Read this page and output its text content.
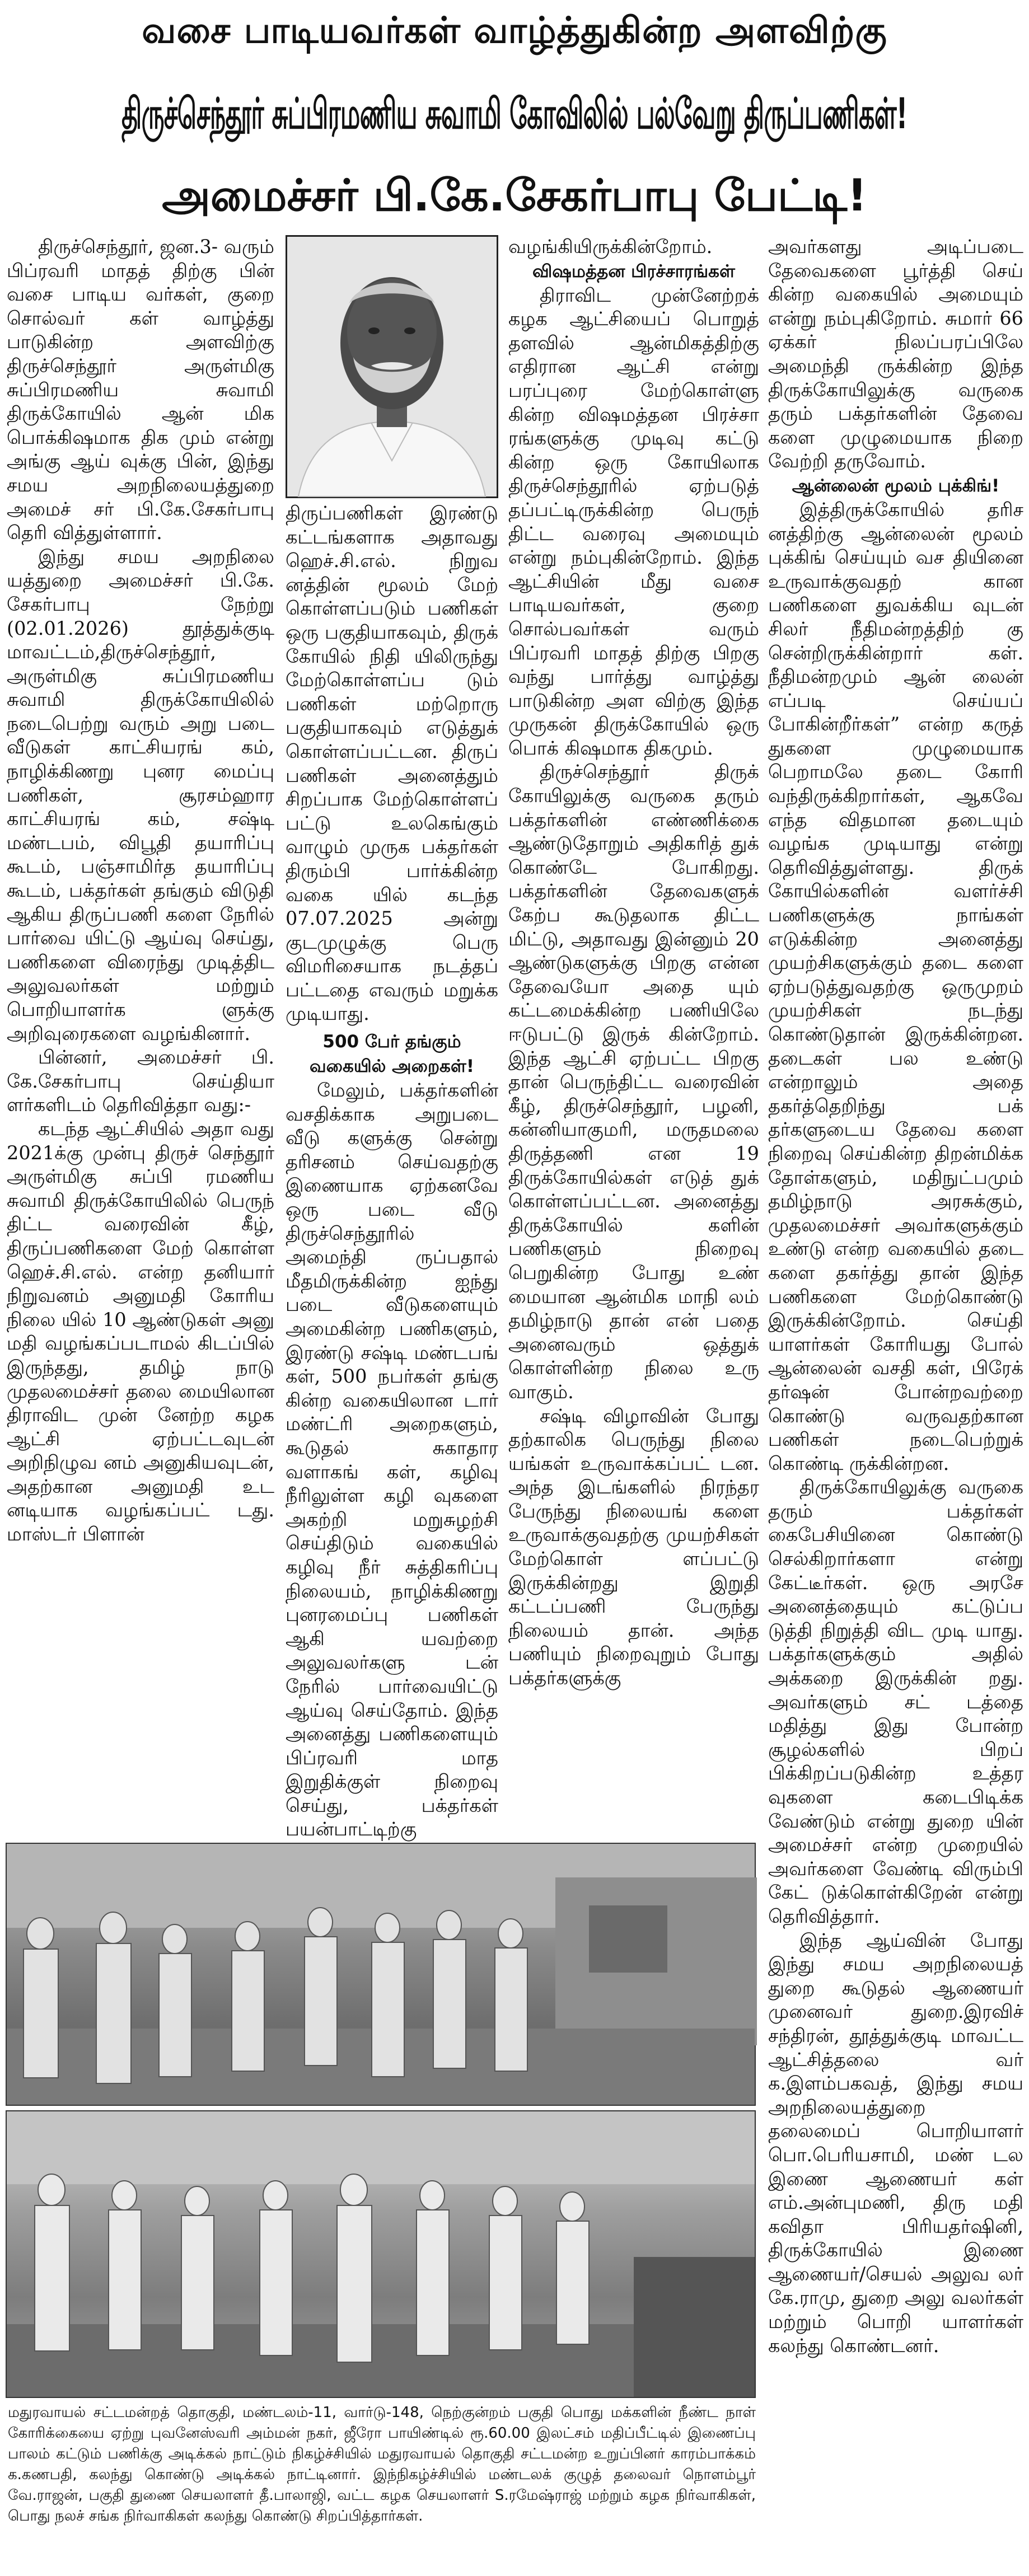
வசை பாடியவர்கள் வாழ்த்துகின்ற அளவிற்கு
திருச்செந்தூர் சுப்பிரமணிய சுவாமி கோவிலில் பல்வேறு திருப்பணிகள்!
அமைச்சர் பி.கே.சேகர்பாபு பேட்டி!

திருச்செந்தூர், ஜன.3- வரும் பிப்ரவரி மாதத் திற்கு பின் வசை பாடிய வர்கள், குறை சொல்வர் கள் வாழ்த்து பாடுகின்ற அளவிற்கு திருச்செந்தூர் அருள்மிகு சுப்பிரமணிய சுவாமி திருக்கோயில் ஆன் மிக பொக்கிஷமாக திக மும் என்று அங்கு ஆய் வுக்கு பின், இந்து சமய அறநிலையத்துறை அமைச் சர் பி.கே.சேகர்பாபு தெரி வித்துள்ளார்.

இந்து சமய அறநிலை யத்துறை அமைச்சர் பி.கே. சேகர்பாபு நேற்று (02.01.2026) தூத்துக்குடி மாவட்டம்,திருச்செந்தூர், அருள்மிகு சுப்பிரமணிய சுவாமி திருக்கோயிலில் நடைபெற்று வரும் அறு படை வீடுகள் காட்சியரங் கம், நாழிக்கிணறு புனர மைப்பு பணிகள், சூரசம்ஹார காட்சியரங் கம், சஷ்டி மண்டபம், விபூதி தயாரிப்பு கூடம், பஞ்சாமிர்த தயாரிப்பு கூடம், பக்தர்கள் தங்கும் விடுதி ஆகிய திருப்பணி களை நேரில் பார்வை யிட்டு ஆய்வு செய்து, பணிகளை விரைந்து முடித்திட அலுவலர்கள் மற்றும் பொறியாளர்க ளுக்கு அறிவுரைகளை வழங்கினார்.

பின்னர், அமைச்சர் பி. கே.சேகர்பாபு செய்தியா ளர்களிடம் தெரிவித்தா வது:-

கடந்த ஆட்சியில் அதா வது 2021க்கு முன்பு திருச் செந்தூர் அருள்மிகு சுப்பி ரமணிய சுவாமி திருக்கோயிலில் பெருந் திட்ட வரைவின் கீழ், திருப்பணிகளை மேற் கொள்ள ஹெச்.சி.எல். என்ற தனியார் நிறுவனம் அனுமதி கோரிய நிலை யில் 10 ஆண்டுகள் அனு மதி வழங்கப்படாமல் கிடப்பில் இருந்தது, தமிழ் நாடு முதலமைச்சர் தலை மையிலான திராவிட முன் னேற்ற கழக ஆட்சி ஏற்பட்டவுடன் அறிநிழுவ னம் அனுகியவுடன், அதற்கான அனுமதி உட னடியாக வழங்கப்பட் டது. மாஸ்டர் பிளான்

திருப்பணிகள் இரண்டு கட்டங்களாக அதாவது ஹெச்.சி.எல். நிறுவ னத்தின் மூலம் மேற் கொள்ளப்படும் பணிகள் ஒரு பகுதியாகவும், திருக் கோயில் நிதி யிலிருந்து மேற்கொள்ளப்ப டும் பணிகள் மற்றொரு பகுதியாகவும் எடுத்துக் கொள்ளப்பட்டன. திருப் பணிகள் அனைத்தும் சிறப்பாக மேற்கொள்ளப் பட்டு உலகெங்கும் வாழும் முருக பக்தர்கள் திரும்பி பார்க்கின்ற வகை யில் கடந்த 07.07.2025 அன்று குடமுழுக்கு பெரு விமரிசையாக நடத்தப் பட்டதை எவரும் மறுக்க முடியாது.

500 பேர் தங்கும்
வகையில் அறைகள்!

மேலும், பக்தர்களின் வசதிக்காக அறுபடை வீடு களுக்கு சென்று தரிசனம் செய்வதற்கு இணையாக ஏற்கனவே ஒரு படை வீடு திருச்செந்தூரில் அமைந்தி ருப்பதால் மீதமிருக்கின்ற ஐந்து படை வீடுகளையும் அமைகின்ற பணிகளும், இரண்டு சஷ்டி மண்டபங் கள், 500 நபர்கள் தங்கு கின்ற வகையிலான டார் மண்ட்ரி அறைகளும், கூடுதல் சுகாதார வளாகங் கள், கழிவு நீரிலுள்ள கழி வுகளை அகற்றி மறுசுழற்சி செய்திடும் வகையில் கழிவு நீர் சுத்திகரிப்பு நிலையம், நாழிக்கிணறு புனரமைப்பு பணிகள் ஆகி யவற்றை அலுவலர்களு டன் நேரில் பார்வையிட்டு ஆய்வு செய்தோம். இந்த அனைத்து பணிகளையும் பிப்ரவரி மாத இறுதிக்குள் நிறைவு செய்து, பக்தர்கள் பயன்பாட்டிற்கு

வழங்கியிருக்கின்றோம்.

விஷமத்தன பிரச்சாரங்கள்

திராவிட முன்னேற்றக் கழக ஆட்சியைப் பொறுத் தளவில் ஆன்மிகத்திற்கு எதிரான ஆட்சி என்று பரப்புரை மேற்கொள்ளு கின்ற விஷமத்தன பிரச்சா ரங்களுக்கு முடிவு கட்டு கின்ற ஒரு கோயிலாக திருச்செந்தூரில் ஏற்படுத் தப்பட்டிருக்கின்ற பெருந் திட்ட வரைவு அமையும் என்று நம்புகின்றோம். இந்த ஆட்சியின் மீது வசை பாடியவர்கள், குறை சொல்பவர்கள் வரும் பிப்ரவரி மாதத் திற்கு பிறகு வந்து பார்த்து வாழ்த்து பாடுகின்ற அள விற்கு இந்த முருகன் திருக்கோயில் ஒரு பொக் கிஷமாக திகமும்.

திருச்செந்தூர் திருக் கோயிலுக்கு வருகை தரும் பக்தர்களின் எண்ணிக்கை ஆண்டுதோறும் அதிகரித் துக் கொண்டே போகிறது. பக்தர்களின் தேவைகளுக் கேற்ப கூடுதலாக திட்ட மிட்டு, அதாவது இன்னும் 20 ஆண்டுகளுக்கு பிறகு என்ன தேவையோ அதை யும் கட்டமைக்கின்ற பணியிலே ஈடுபட்டு இருக் கின்றோம். இந்த ஆட்சி ஏற்பட்ட பிறகு தான் பெருந்திட்ட வரைவின் கீழ், திருச்செந்தூர், பழனி, கன்னியாகுமரி, மருதமலை திருத்தணி என 19 திருக்கோயில்கள் எடுத் துக் கொள்ளப்பட்டன. அனைத்து திருக்கோயில் களின் பணிகளும் நிறைவு பெறுகின்ற போது உண் மையான ஆன்மிக மாநி லம் தமிழ்நாடு தான் என் பதை அனைவரும் ஒத்துக் கொள்ளின்ற நிலை உரு வாகும்.

சஷ்டி விழாவின் போது தற்காலிக பெருந்து நிலை யங்கள் உருவாக்கப்பட் டன. அந்த இடங்களில் நிரந்தர பேருந்து நிலையங் களை உருவாக்குவதற்கு முயற்சிகள் மேற்கொள் ளப்பட்டு இருக்கின்றது இறுதி கட்டப்பணி பேருந்து நிலையம் தான். அந்த பணியும் நிறைவுறும் போது பக்தர்களுக்கு

அவர்களது அடிப்படை தேவைகளை பூர்த்தி செய் கின்ற வகையில் அமையும் என்று நம்புகிறோம். சுமார் 66 ஏக்கர் நிலப்பரப்பிலே அமைந்தி ருக்கின்ற இந்த திருக்கோயிலுக்கு வருகை தரும் பக்தர்களின் தேவை களை முழுமையாக நிறை வேற்றி தருவோம்.

ஆன்லைன் மூலம் புக்கிங்!

இத்திருக்கோயில் தரிச னத்திற்கு ஆன்லைன் மூலம் புக்கிங் செய்யும் வச தியினை உருவாக்குவதற் கான பணிகளை துவக்கிய வுடன் சிலர் நீதிமன்றத்திற் கு சென்றிருக்கின்றார் கள். நீதிமன்றமும் ஆன் லைன் எப்படி செய்யப் போகின்றீர்கள்” என்ற கருத் துகளை முழுமையாக பெறாமலே தடை கோரி வந்திருக்கிறார்கள், ஆகவே எந்த விதமான தடையும் வழங்க முடியாது என்று தெரிவித்துள்ளது. திருக் கோயில்களின் வளர்ச்சி பணிகளுக்கு நாங்கள் எடுக்கின்ற அனைத்து முயற்சிகளுக்கும் தடை களை ஏற்படுத்துவதற்கு ஒருமுறம் முயற்சிகள் நடந்து கொண்டுதான் இருக்கின்றன. தடைகள் பல உண்டு என்றாலும் அதை தகர்த்தெறிந்து பக் தர்களுடைய தேவை களை நிறைவு செய்கின்ற திறன்மிக்க தோள்களும், மதிநுட்பமும் தமிழ்நாடு அரசுக்கும், முதலமைச்சர் அவர்களுக்கும் உண்டு என்ற வகையில் தடை களை தகர்த்து தான் இந்த பணிகளை மேற்கொண்டு இருக்கின்றோம். செய்தி யாளர்கள் கோரியது போல் ஆன்லைன் வசதி கள், பிரேக் தர்ஷன் போன்றவற்றை கொண்டு வருவதற்கான பணிகள் நடைபெற்றுக் கொண்டி ருக்கின்றன.

திருக்கோயிலுக்கு வருகை தரும் பக்தர்கள் கைபேசியினை கொண்டு செல்கிறார்களா என்று கேட்டீர்கள். ஒரு அரசே அனைத்தையும் கட்டுப்ப டுத்தி நிறுத்தி விட முடி யாது. பக்தர்களுக்கும் அதில் அக்கறை இருக்கின் றது. அவர்களும் சட் டத்தை மதித்து இது போன்ற சூழல்களில் பிறப் பிக்கிறப்படுகின்ற உத்தர வுகளை கடைபிடிக்க வேண்டும் என்று துறை யின் அமைச்சர் என்ற முறையில் அவர்களை வேண்டி விரும்பி கேட் டுக்கொள்கிறேன் என்று தெரிவித்தார்.

இந்த ஆய்வின் போது இந்து சமய அறநிலையத் துறை கூடுதல் ஆணையர் முனைவர் துறை.இரவிச் சந்திரன், தூத்துக்குடி மாவட்ட ஆட்சித்தலை வர் க.இளம்பகவத், இந்து சமய அறநிலையத்துறை தலைமைப் பொறியாளர் பொ.பெரியசாமி, மண் டல இணை ஆணையர் கள் எம்.அன்புமணி, திரு மதி கவிதா பிரியதர்ஷினி, திருக்கோயில் இணை ஆணையர்/செயல் அலுவ லர் கே.ராமு, துறை அலு வலர்கள் மற்றும் பொறி யாளர்கள் கலந்து கொண்டனர்.

மதுரவாயல் சட்டமன்றத் தொகுதி, மண்டலம்-11, வார்டு-148, நெற்குன்றம் பகுதி பொது மக்களின் நீண்ட நாள் கோரிக்கையை ஏற்று புவனேஸ்வரி அம்மன் நகர், ஜீரோ பாயிண்டில் ரூ.60.00 இலட்சம் மதிப்பீட்டில் இணைப்பு பாலம் கட்டும் பணிக்கு அடிக்கல் நாட்டும் நிகழ்ச்சியில் மதுரவாயல் தொகுதி சட்டமன்ற உறுப்பினர் காரம்பாக்கம் க.கணபதி, கலந்து கொண்டு அடிக்கல் நாட்டினார். இந்நிகழ்ச்சியில் மண்டலக் குழுத் தலைவர் நொளம்பூர் வே.ராஜன், பகுதி துணை செயலாளர் தீ.பாலாஜி, வட்ட கழக செயலாளர் S.ரமேஷ்ராஜ் மற்றும் கழக நிர்வாகிகள், பொது நலச் சங்க நிர்வாகிகள் கலந்து கொண்டு சிறப்பித்தார்கள்.
